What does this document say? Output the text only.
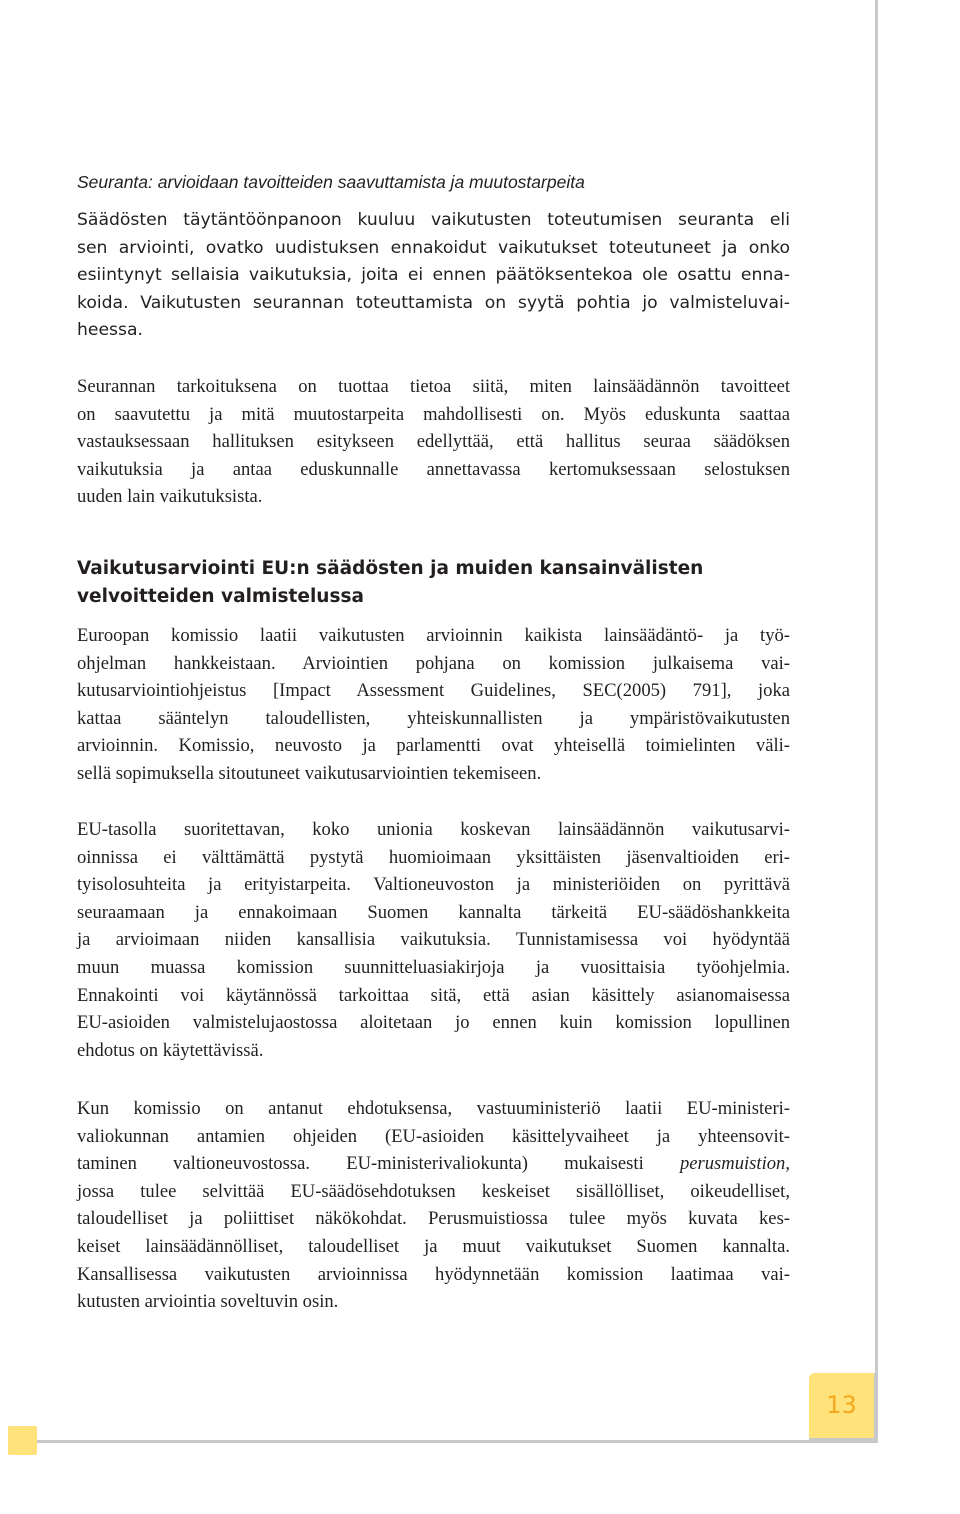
13
Seuranta: arvioidaan tavoitteiden saavuttamista ja muutostarpeita
Säädösten täytäntöönpanoon kuuluu vaikutusten toteutumisen seuranta eli
sen arviointi, ovatko uudistuksen ennakoidut vaikutukset toteutuneet ja onko
esiintynyt sellaisia vaikutuksia, joita ei ennen päätöksentekoa ole osattu enna-
koida. Vaikutusten seurannan toteuttamista on syytä pohtia jo valmisteluvai-
heessa.
Seurannan tarkoituksena on tuottaa tietoa siitä, miten lainsäädännön tavoitteet
on saavutettu ja mitä muutostarpeita mahdollisesti on. Myös eduskunta saattaa
vastauksessaan hallituksen esitykseen edellyttää, että hallitus seuraa säädöksen
vaikutuksia ja antaa eduskunnalle annettavassa kertomuksessaan selostuksen
uuden lain vaikutuksista.
Vaikutusarviointi EU:n säädösten ja muiden kansainvälisten
velvoitteiden valmistelussa
Euroopan komissio laatii vaikutusten arvioinnin kaikista lainsäädäntö- ja työ-
ohjelman hankkeistaan. Arviointien pohjana on komission julkaisema vai-
kutusarviointiohjeistus [Impact Assessment Guidelines, SEC(2005) 791], joka
kattaa sääntelyn taloudellisten, yhteiskunnallisten ja ympäristövaikutusten
arvioinnin. Komissio, neuvosto ja parlamentti ovat yhteisellä toimielinten väli-
sellä sopimuksella sitoutuneet vaikutusarviointien tekemiseen.
EU-tasolla suoritettavan, koko unionia koskevan lainsäädännön vaikutusarvi-
oinnissa ei välttämättä pystytä huomioimaan yksittäisten jäsenvaltioiden eri-
tyisolosuhteita ja erityistarpeita. Valtioneuvoston ja ministeriöiden on pyrittävä
seuraamaan ja ennakoimaan Suomen kannalta tärkeitä EU-säädöshankkeita
ja arvioimaan niiden kansallisia vaikutuksia. Tunnistamisessa voi hyödyntää
muun muassa komission suunnitteluasiakirjoja ja vuosittaisia työohjelmia.
Ennakointi voi käytännössä tarkoittaa sitä, että asian käsittely asianomaisessa
EU-asioiden valmistelujaostossa aloitetaan jo ennen kuin komission lopullinen
ehdotus on käytettävissä.
Kun komissio on antanut ehdotuksensa, vastuuministeriö laatii EU-ministeri-
valiokunnan antamien ohjeiden (EU-asioiden käsittelyvaiheet ja yhteensovit-
taminen valtioneuvostossa. EU-ministerivaliokunta) mukaisesti perusmuistion,
jossa tulee selvittää EU-säädösehdotuksen keskeiset sisällölliset, oikeudelliset,
taloudelliset ja poliittiset näkökohdat. Perusmuistiossa tulee myös kuvata kes-
keiset lainsäädännölliset, taloudelliset ja muut vaikutukset Suomen kannalta.
Kansallisessa vaikutusten arvioinnissa hyödynnetään komission laatimaa vai-
kutusten arviointia soveltuvin osin.
